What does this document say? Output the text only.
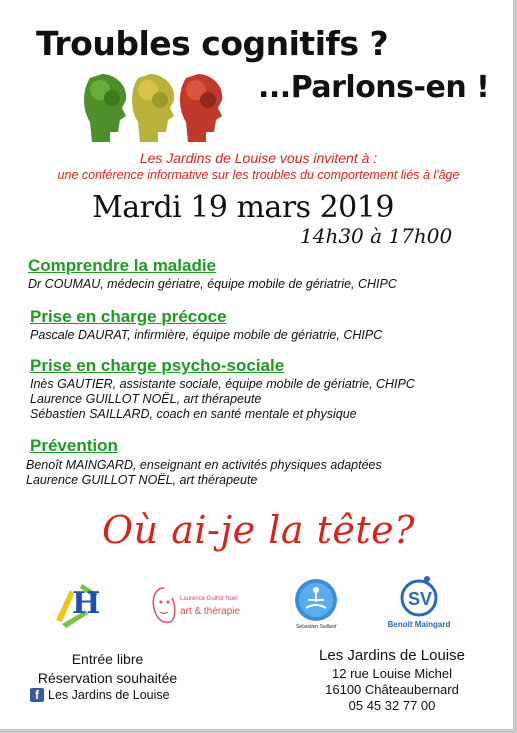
Troubles cognitifs ?
...Parlons-en !
Les Jardins de Louise vous invitent à :
une conférence informative sur les troubles du comportement liés à l'âge
Mardi 19 mars 2019
14h30 à 17h00
Comprendre la maladie
Dr COUMAU, médecin gériatre, équipe mobile de gériatrie, CHIPC
Prise en charge précoce
Pascale DAURAT, infirmière, équipe mobile de gériatrie, CHIPC
Prise en charge psycho-sociale
Inès GAUTIER, assistante sociale, équipe mobile de gériatrie, CHIPC
Laurence GUILLOT NOËL, art thérapeute
Sébastien SAILLARD, coach en santé mentale et physique
Prévention
Benoît MAINGARD, enseignant en activités physiques adaptées
Laurence GUILLOT NOËL, art thérapeute
Où ai-je la tête?
H	Laurence Guillot Noël
art & thérapie
Sébastien Saillard
SV
Benoît Maingard
Entrée libre
Réservation souhaitée
f Les Jardins de Louise
Les Jardins de Louise
12 rue Louise Michel
16100 Châteaubernard
05 45 32 77 00
